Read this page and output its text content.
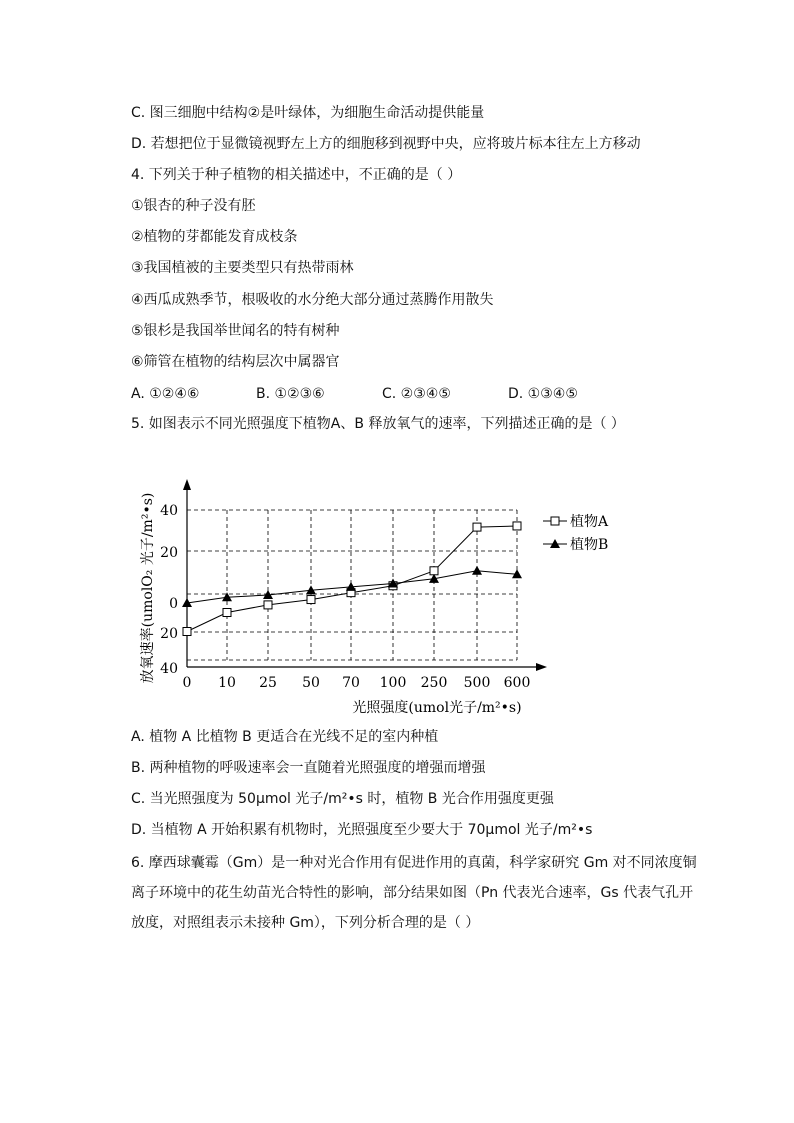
C. 图三细胞中结构②是叶绿体，为细胞生命活动提供能量
D. 若想把位于显微镜视野左上方的细胞移到视野中央，应将玻片标本往左上方移动
4. 下列关于种子植物的相关描述中，不正确的是（ ）
①银杏的种子没有胚
②植物的芽都能发育成枝条
③我国植被的主要类型只有热带雨林
④西瓜成熟季节，根吸收的水分绝大部分通过蒸腾作用散失
⑤银杉是我国举世闻名的特有树种
⑥筛管在植物的结构层次中属器官
A. ①②④⑥	B. ①②③⑥	C. ②③④⑤	D. ①③④⑤
5. 如图表示不同光照强度下植物A、B 释放氧气的速率，下列描述正确的是（ ）
40
20
0
20
40
0 10 25 50 70 100 250 500 600
光照强度(umol光子/m²•s)
放氧速率(umolO₂ 光子/m²•s)	植物A
植物B
A. 植物 A 比植物 B 更适合在光线不足的室内种植
B. 两种植物的呼吸速率会一直随着光照强度的增强而增强
C. 当光照强度为 50μmol 光子/m²•s 时，植物 B 光合作用强度更强
D. 当植物 A 开始积累有机物时，光照强度至少要大于 70μmol 光子/m²•s
6. 摩西球囊霉（Gm）是一种对光合作用有促进作用的真菌，科学家研究 Gm 对不同浓度铜
离子环境中的花生幼苗光合特性的影响，部分结果如图（Pn 代表光合速率，Gs 代表气孔开
放度，对照组表示未接种 Gm），下列分析合理的是（ ）
